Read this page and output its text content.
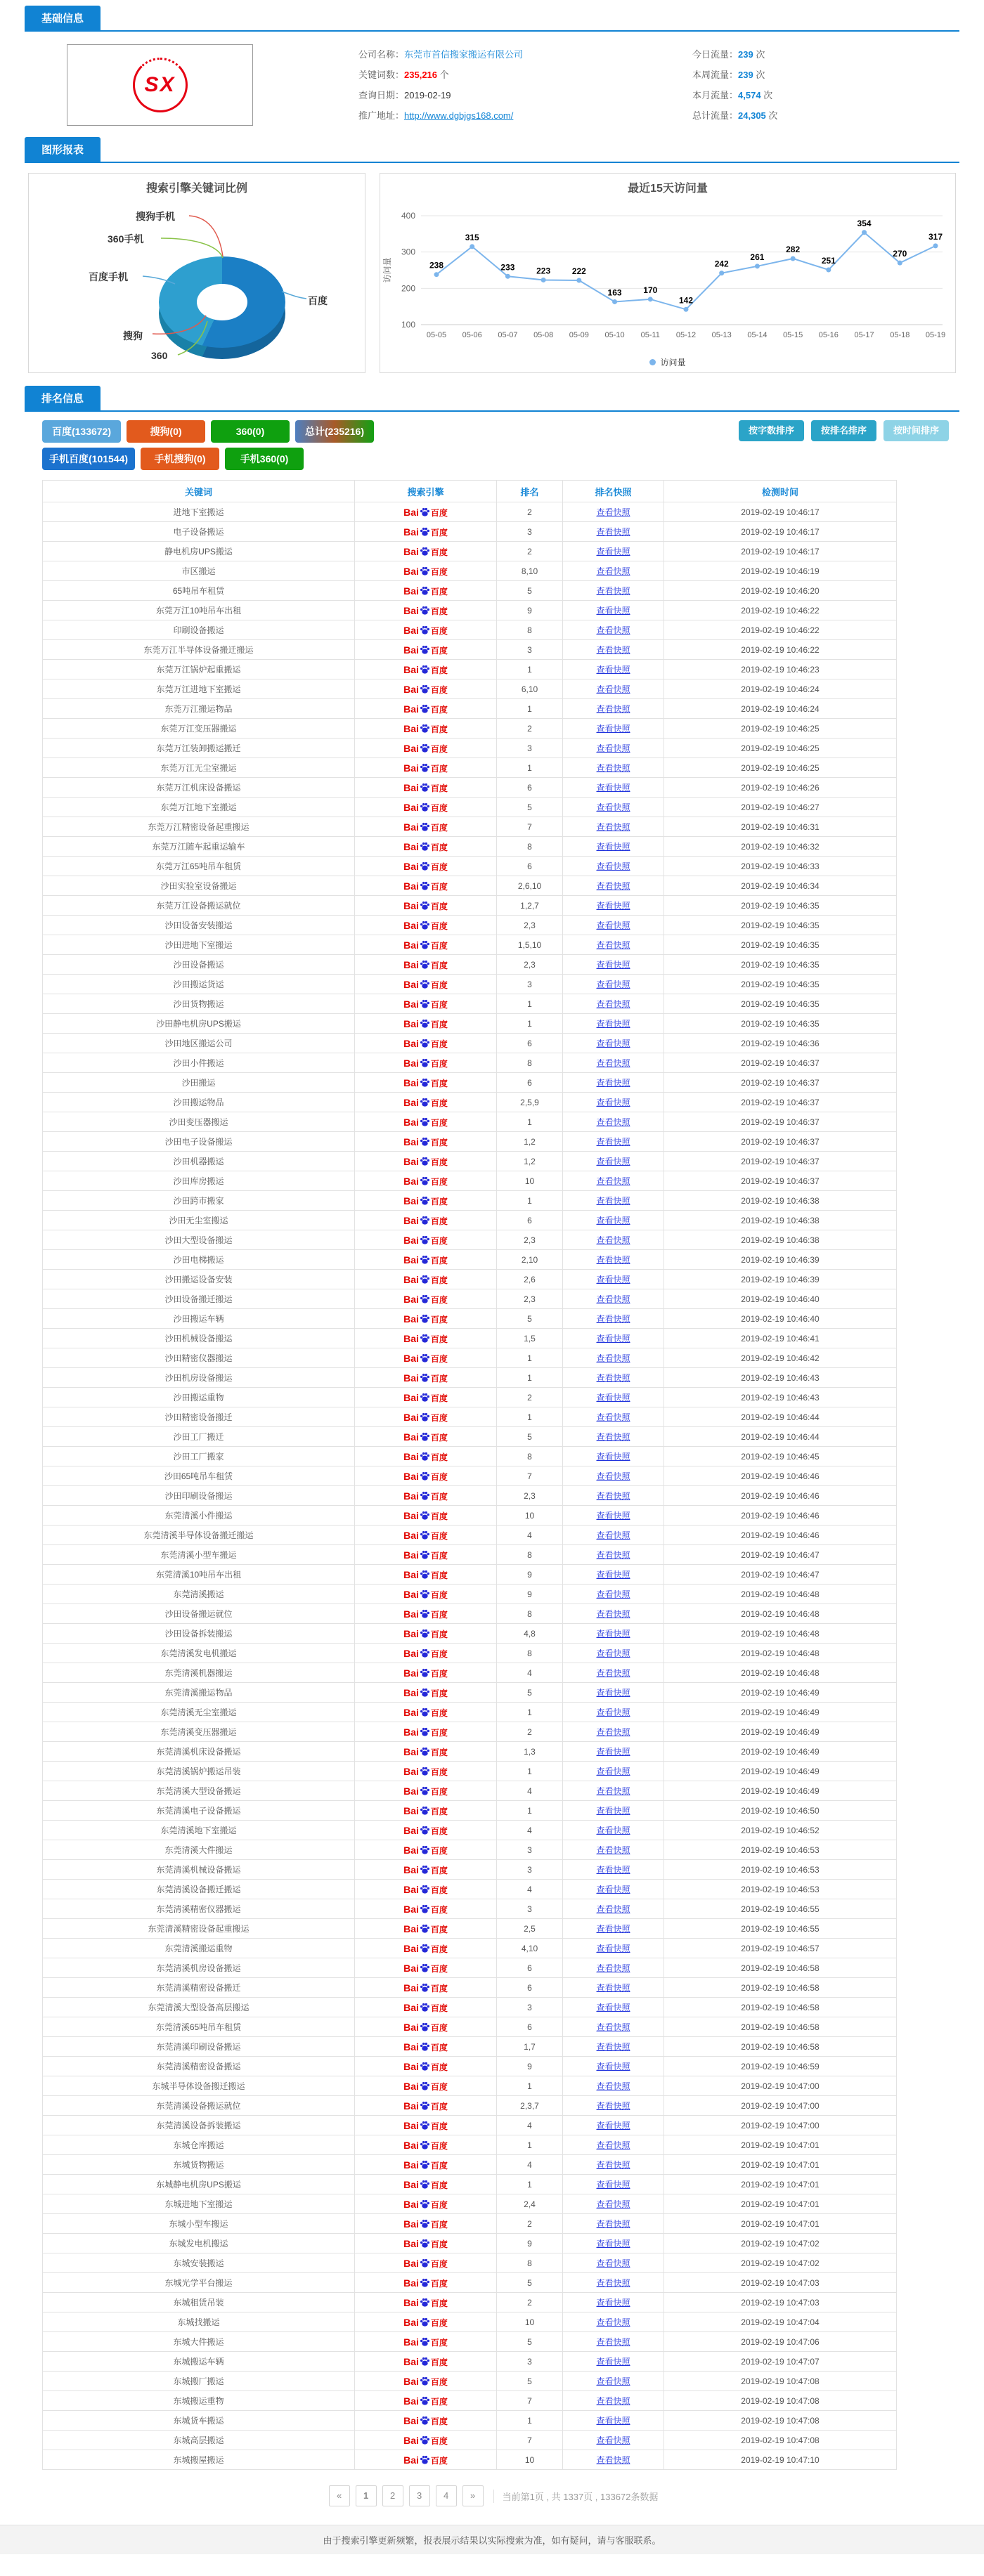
基础信息
SX
公司名称：东莞市首信搬家搬运有限公司
关键词数：235,216 个
查询日期：2019-02-19
推广地址：http://www.dgbjgs168.com/
今日流量：239 次
本周流量：239 次
本月流量：4,574 次
总计流量：24,305 次
图形报表
搜索引擎关键词比例
搜狗手机
360手机
百度手机
百度
搜狗
360
最近15天访问量
100
200
300
400
访问量	238
05-05
315
05-06
233
05-07
223
05-08
222
05-09
163
05-10
170
05-11
142
05-12
242
05-13
261
05-14
282
05-15
251
05-16
354
05-17
270
05-18
317
05-19
访问量
排名信息
百度(133672)	搜狗(0)	360(0)	总计(235216)
手机百度(101544)	手机搜狗(0)	手机360(0)
按字数排序	按排名排序	按时间排序
关键词	搜索引擎	排名	排名快照	检测时间
进地下室搬运	Bai 百度	2	查看快照	2019-02-19 10:46:17
电子设备搬运	Bai 百度	3	查看快照	2019-02-19 10:46:17
静电机房UPS搬运	Bai 百度	2	查看快照	2019-02-19 10:46:17
市区搬运	Bai 百度	8,10	查看快照	2019-02-19 10:46:19
65吨吊车租赁	Bai 百度	5	查看快照	2019-02-19 10:46:20
东莞万江10吨吊车出租	Bai 百度	9	查看快照	2019-02-19 10:46:22
印刷设备搬运	Bai 百度	8	查看快照	2019-02-19 10:46:22
东莞万江半导体设备搬迁搬运	Bai 百度	3	查看快照	2019-02-19 10:46:22
东莞万江锅炉起重搬运	Bai 百度	1	查看快照	2019-02-19 10:46:23
东莞万江进地下室搬运	Bai 百度	6,10	查看快照	2019-02-19 10:46:24
东莞万江搬运物品	Bai 百度	1	查看快照	2019-02-19 10:46:24
东莞万江变压器搬运	Bai 百度	2	查看快照	2019-02-19 10:46:25
东莞万江装卸搬运搬迁	Bai 百度	3	查看快照	2019-02-19 10:46:25
东莞万江无尘室搬运	Bai 百度	1	查看快照	2019-02-19 10:46:25
东莞万江机床设备搬运	Bai 百度	6	查看快照	2019-02-19 10:46:26
东莞万江地下室搬运	Bai 百度	5	查看快照	2019-02-19 10:46:27
东莞万江精密设备起重搬运	Bai 百度	7	查看快照	2019-02-19 10:46:31
东莞万江随车起重运输车	Bai 百度	8	查看快照	2019-02-19 10:46:32
东莞万江65吨吊车租赁	Bai 百度	6	查看快照	2019-02-19 10:46:33
沙田实验室设备搬运	Bai 百度	2,6,10	查看快照	2019-02-19 10:46:34
东莞万江设备搬运就位	Bai 百度	1,2,7	查看快照	2019-02-19 10:46:35
沙田设备安装搬运	Bai 百度	2,3	查看快照	2019-02-19 10:46:35
沙田进地下室搬运	Bai 百度	1,5,10	查看快照	2019-02-19 10:46:35
沙田设备搬运	Bai 百度	2,3	查看快照	2019-02-19 10:46:35
沙田搬运货运	Bai 百度	3	查看快照	2019-02-19 10:46:35
沙田货物搬运	Bai 百度	1	查看快照	2019-02-19 10:46:35
沙田静电机房UPS搬运	Bai 百度	1	查看快照	2019-02-19 10:46:35
沙田地区搬运公司	Bai 百度	6	查看快照	2019-02-19 10:46:36
沙田小件搬运	Bai 百度	8	查看快照	2019-02-19 10:46:37
沙田搬运	Bai 百度	6	查看快照	2019-02-19 10:46:37
沙田搬运物品	Bai 百度	2,5,9	查看快照	2019-02-19 10:46:37
沙田变压器搬运	Bai 百度	1	查看快照	2019-02-19 10:46:37
沙田电子设备搬运	Bai 百度	1,2	查看快照	2019-02-19 10:46:37
沙田机器搬运	Bai 百度	1,2	查看快照	2019-02-19 10:46:37
沙田库房搬运	Bai 百度	10	查看快照	2019-02-19 10:46:37
沙田跨市搬家	Bai 百度	1	查看快照	2019-02-19 10:46:38
沙田无尘室搬运	Bai 百度	6	查看快照	2019-02-19 10:46:38
沙田大型设备搬运	Bai 百度	2,3	查看快照	2019-02-19 10:46:38
沙田电梯搬运	Bai 百度	2,10	查看快照	2019-02-19 10:46:39
沙田搬运设备安装	Bai 百度	2,6	查看快照	2019-02-19 10:46:39
沙田设备搬迁搬运	Bai 百度	2,3	查看快照	2019-02-19 10:46:40
沙田搬运车辆	Bai 百度	5	查看快照	2019-02-19 10:46:40
沙田机械设备搬运	Bai 百度	1,5	查看快照	2019-02-19 10:46:41
沙田精密仪器搬运	Bai 百度	1	查看快照	2019-02-19 10:46:42
沙田机房设备搬运	Bai 百度	1	查看快照	2019-02-19 10:46:43
沙田搬运重物	Bai 百度	2	查看快照	2019-02-19 10:46:43
沙田精密设备搬迁	Bai 百度	1	查看快照	2019-02-19 10:46:44
沙田工厂搬迁	Bai 百度	5	查看快照	2019-02-19 10:46:44
沙田工厂搬家	Bai 百度	8	查看快照	2019-02-19 10:46:45
沙田65吨吊车租赁	Bai 百度	7	查看快照	2019-02-19 10:46:46
沙田印刷设备搬运	Bai 百度	2,3	查看快照	2019-02-19 10:46:46
东莞清溪小件搬运	Bai 百度	10	查看快照	2019-02-19 10:46:46
东莞清溪半导体设备搬迁搬运	Bai 百度	4	查看快照	2019-02-19 10:46:46
东莞清溪小型车搬运	Bai 百度	8	查看快照	2019-02-19 10:46:47
东莞清溪10吨吊车出租	Bai 百度	9	查看快照	2019-02-19 10:46:47
东莞清溪搬运	Bai 百度	9	查看快照	2019-02-19 10:46:48
沙田设备搬运就位	Bai 百度	8	查看快照	2019-02-19 10:46:48
沙田设备拆装搬运	Bai 百度	4,8	查看快照	2019-02-19 10:46:48
东莞清溪发电机搬运	Bai 百度	8	查看快照	2019-02-19 10:46:48
东莞清溪机器搬运	Bai 百度	4	查看快照	2019-02-19 10:46:48
东莞清溪搬运物品	Bai 百度	5	查看快照	2019-02-19 10:46:49
东莞清溪无尘室搬运	Bai 百度	1	查看快照	2019-02-19 10:46:49
东莞清溪变压器搬运	Bai 百度	2	查看快照	2019-02-19 10:46:49
东莞清溪机床设备搬运	Bai 百度	1,3	查看快照	2019-02-19 10:46:49
东莞清溪锅炉搬运吊装	Bai 百度	1	查看快照	2019-02-19 10:46:49
东莞清溪大型设备搬运	Bai 百度	4	查看快照	2019-02-19 10:46:49
东莞清溪电子设备搬运	Bai 百度	1	查看快照	2019-02-19 10:46:50
东莞清溪地下室搬运	Bai 百度	4	查看快照	2019-02-19 10:46:52
东莞清溪大件搬运	Bai 百度	3	查看快照	2019-02-19 10:46:53
东莞清溪机械设备搬运	Bai 百度	3	查看快照	2019-02-19 10:46:53
东莞清溪设备搬迁搬运	Bai 百度	4	查看快照	2019-02-19 10:46:53
东莞清溪精密仪器搬运	Bai 百度	3	查看快照	2019-02-19 10:46:55
东莞清溪精密设备起重搬运	Bai 百度	2,5	查看快照	2019-02-19 10:46:55
东莞清溪搬运重物	Bai 百度	4,10	查看快照	2019-02-19 10:46:57
东莞清溪机房设备搬运	Bai 百度	6	查看快照	2019-02-19 10:46:58
东莞清溪精密设备搬迁	Bai 百度	6	查看快照	2019-02-19 10:46:58
东莞清溪大型设备高层搬运	Bai 百度	3	查看快照	2019-02-19 10:46:58
东莞清溪65吨吊车租赁	Bai 百度	6	查看快照	2019-02-19 10:46:58
东莞清溪印刷设备搬运	Bai 百度	1,7	查看快照	2019-02-19 10:46:58
东莞清溪精密设备搬运	Bai 百度	9	查看快照	2019-02-19 10:46:59
东城半导体设备搬迁搬运	Bai 百度	1	查看快照	2019-02-19 10:47:00
东莞清溪设备搬运就位	Bai 百度	2,3,7	查看快照	2019-02-19 10:47:00
东莞清溪设备拆装搬运	Bai 百度	4	查看快照	2019-02-19 10:47:00
东城仓库搬运	Bai 百度	1	查看快照	2019-02-19 10:47:01
东城货物搬运	Bai 百度	4	查看快照	2019-02-19 10:47:01
东城静电机房UPS搬运	Bai 百度	1	查看快照	2019-02-19 10:47:01
东城进地下室搬运	Bai 百度	2,4	查看快照	2019-02-19 10:47:01
东城小型车搬运	Bai 百度	2	查看快照	2019-02-19 10:47:01
东城发电机搬运	Bai 百度	9	查看快照	2019-02-19 10:47:02
东城安装搬运	Bai 百度	8	查看快照	2019-02-19 10:47:02
东城光学平台搬运	Bai 百度	5	查看快照	2019-02-19 10:47:03
东城租赁吊装	Bai 百度	2	查看快照	2019-02-19 10:47:03
东城找搬运	Bai 百度	10	查看快照	2019-02-19 10:47:04
东城大件搬运	Bai 百度	5	查看快照	2019-02-19 10:47:06
东城搬运车辆	Bai 百度	3	查看快照	2019-02-19 10:47:07
东城搬厂搬运	Bai 百度	5	查看快照	2019-02-19 10:47:08
东城搬运重物	Bai 百度	7	查看快照	2019-02-19 10:47:08
东城货车搬运	Bai 百度	1	查看快照	2019-02-19 10:47:08
东城高层搬运	Bai 百度	7	查看快照	2019-02-19 10:47:08
东城搬屋搬运	Bai 百度	10	查看快照	2019-02-19 10:47:10
«	1	2	3	4	»	当前第1页 , 共 1337页 , 133672条数据
由于搜索引擎更新频繁，报表展示结果以实际搜索为准，如有疑问，请与客服联系。
